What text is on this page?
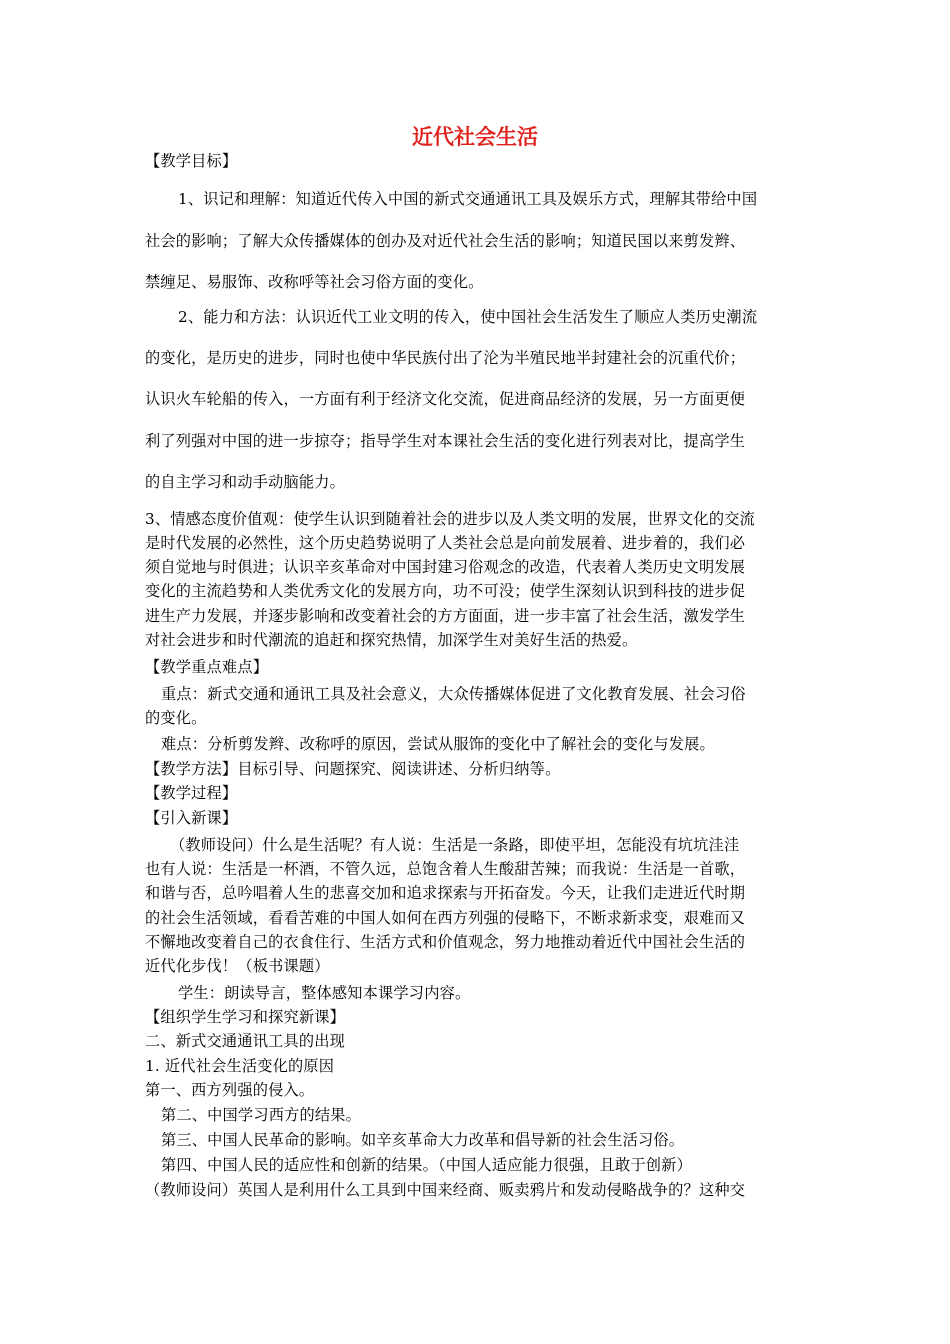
近代社会生活
【教学目标】
1、识记和理解：知道近代传入中国的新式交通通讯工具及娱乐方式，理解其带给中国
社会的影响；了解大众传播媒体的创办及对近代社会生活的影响；知道民国以来剪发辫、
禁缠足、易服饰、改称呼等社会习俗方面的变化。
2、能力和方法：认识近代工业文明的传入，使中国社会生活发生了顺应人类历史潮流
的变化，是历史的进步，同时也使中华民族付出了沦为半殖民地半封建社会的沉重代价；
认识火车轮船的传入，一方面有利于经济文化交流，促进商品经济的发展，另一方面更便
利了列强对中国的进一步掠夺；指导学生对本课社会生活的变化进行列表对比，提高学生
的自主学习和动手动脑能力。
3、情感态度价值观：使学生认识到随着社会的进步以及人类文明的发展，世界文化的交流
是时代发展的必然性，这个历史趋势说明了人类社会总是向前发展着、进步着的，我们必
须自觉地与时俱进；认识辛亥革命对中国封建习俗观念的改造，代表着人类历史文明发展
变化的主流趋势和人类优秀文化的发展方向，功不可没；使学生深刻认识到科技的进步促
进生产力发展，并逐步影响和改变着社会的方方面面，进一步丰富了社会生活，激发学生
对社会进步和时代潮流的追赶和探究热情，加深学生对美好生活的热爱。
【教学重点难点】
重点：新式交通和通讯工具及社会意义，大众传播媒体促进了文化教育发展、社会习俗
的变化。
难点：分析剪发辫、改称呼的原因，尝试从服饰的变化中了解社会的变化与发展。
【教学方法】目标引导、问题探究、阅读讲述、分析归纳等。
【教学过程】
【引入新课】
（教师设问）什么是生活呢？有人说：生活是一条路，即使平坦，怎能没有坑坑洼洼
也有人说：生活是一杯酒，不管久远，总饱含着人生酸甜苦辣；而我说：生活是一首歌，
和谐与否，总吟唱着人生的悲喜交加和追求探索与开拓奋发。今天，让我们走进近代时期
的社会生活领域，看看苦难的中国人如何在西方列强的侵略下，不断求新求变，艰难而又
不懈地改变着自己的衣食住行、生活方式和价值观念，努力地推动着近代中国社会生活的
近代化步伐！（板书课题）
学生：朗读导言，整体感知本课学习内容。
【组织学生学习和探究新课】
二、新式交通通讯工具的出现
1. 近代社会生活变化的原因
第一、西方列强的侵入。
第二、中国学习西方的结果。
第三、中国人民革命的影响。如辛亥革命大力改革和倡导新的社会生活习俗。
第四、中国人民的适应性和创新的结果。（中国人适应能力很强，且敢于创新）
（教师设问）英国人是利用什么工具到中国来经商、贩卖鸦片和发动侵略战争的？这种交
